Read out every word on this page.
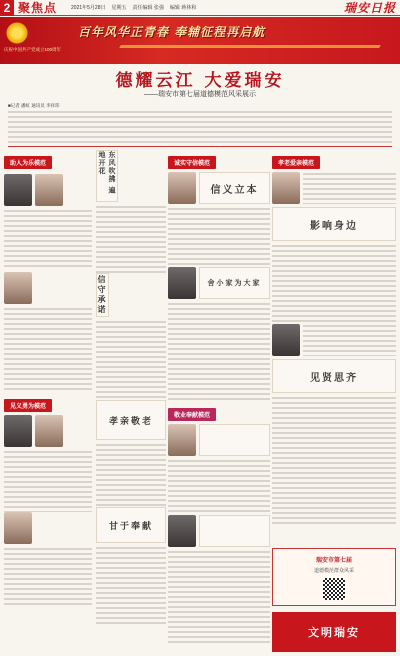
2 聚焦点	2021年5月28日 星期五 责任编辑 张强 编辑 蒋林和	瑞安日报
百年风华正青春 奉辅征程再启航
庆祝中国共产党成立100周年
德耀云江 大爱瑞安
——瑞安市第七届道德模范风采展示
■记者 潘虹 通讯员 李祥玮
助人为乐模范
见义勇为模范
东风吹拂 遍地开花
信守承诺
孝亲敬老
甘于奉献
诚实守信模范
信义立本
舍小家为大家
敬业奉献模范
孝老爱亲模范
影响身边
见贤思齐
瑞安市第七届
道德模范群众风采
文明瑞安
